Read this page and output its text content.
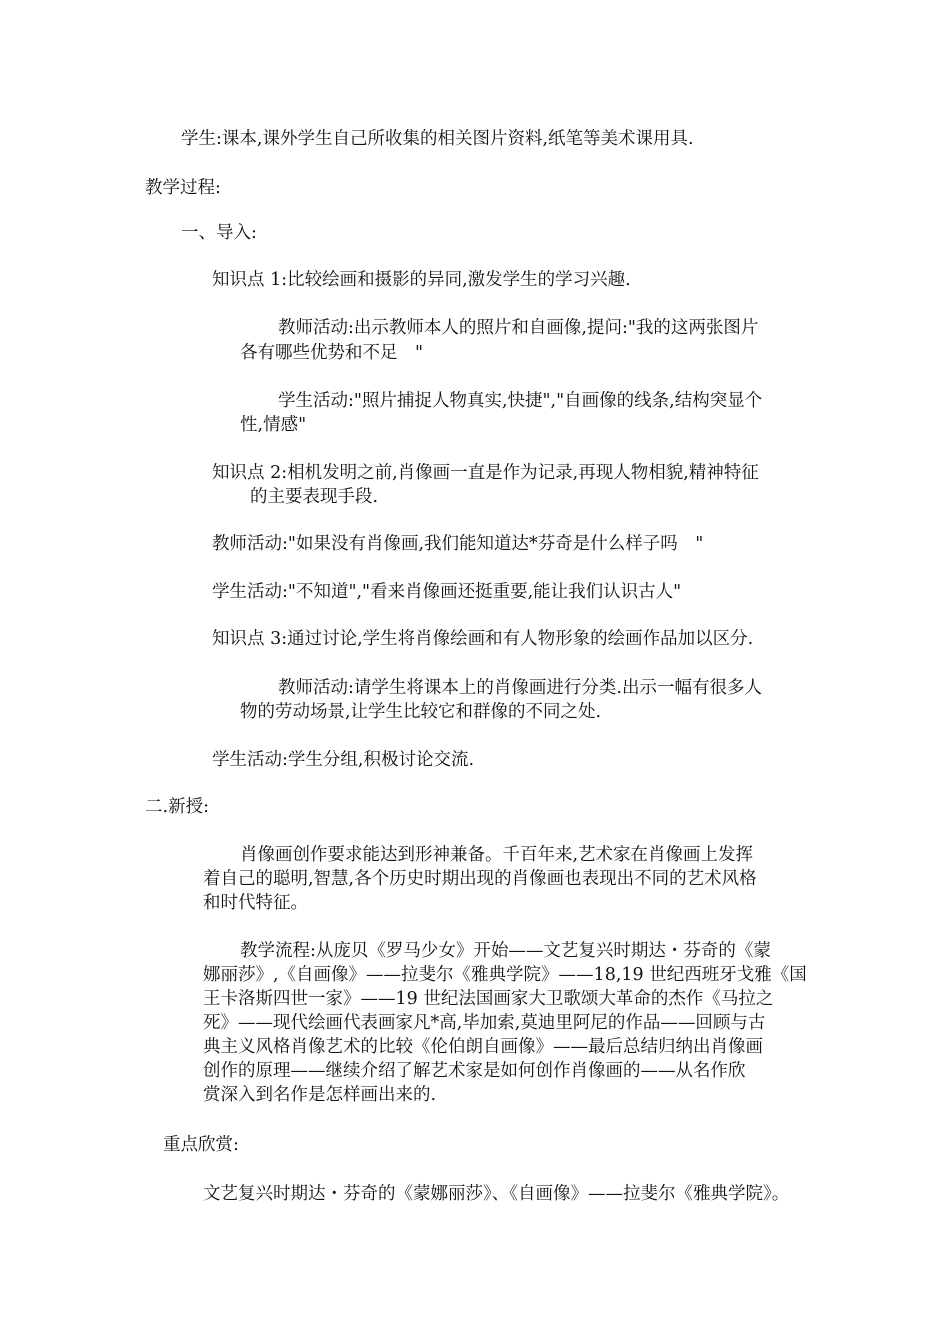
学生:课本,课外学生自己所收集的相关图片资料,纸笔等美术课用具.

教学过程:

一、导入:

知识点 1:比较绘画和摄影的异同,激发学生的学习兴趣.

教师活动:出示教师本人的照片和自画像,提问:"我的这两张图片

各有哪些优势和不足　"

学生活动:"照片捕捉人物真实,快捷","自画像的线条,结构突显个

性,情感"

知识点 2:相机发明之前,肖像画一直是作为记录,再现人物相貌,精神特征

的主要表现手段.

教师活动:"如果没有肖像画,我们能知道达*芬奇是什么样子吗　"

学生活动:"不知道","看来肖像画还挺重要,能让我们认识古人"

知识点 3:通过讨论,学生将肖像绘画和有人物形象的绘画作品加以区分.

教师活动:请学生将课本上的肖像画进行分类.出示一幅有很多人

物的劳动场景,让学生比较它和群像的不同之处.

学生活动:学生分组,积极讨论交流.

二.新授:

肖像画创作要求能达到形神兼备。千百年来,艺术家在肖像画上发挥

着自己的聪明,智慧,各个历史时期出现的肖像画也表现出不同的艺术风格

和时代特征。

教学流程:从庞贝《罗马少女》开始——文艺复兴时期达・芬奇的《蒙

娜丽莎》,《自画像》——拉斐尔《雅典学院》——18,19 世纪西班牙戈雅《国

王卡洛斯四世一家》——19 世纪法国画家大卫歌颂大革命的杰作《马拉之

死》——现代绘画代表画家凡*高,毕加索,莫迪里阿尼的作品——回顾与古

典主义风格肖像艺术的比较《伦伯朗自画像》——最后总结归纳出肖像画

创作的原理——继续介绍了解艺术家是如何创作肖像画的——从名作欣

赏深入到名作是怎样画出来的.

重点欣赏:

文艺复兴时期达・芬奇的《蒙娜丽莎》、《自画像》——拉斐尔《雅典学院》。
